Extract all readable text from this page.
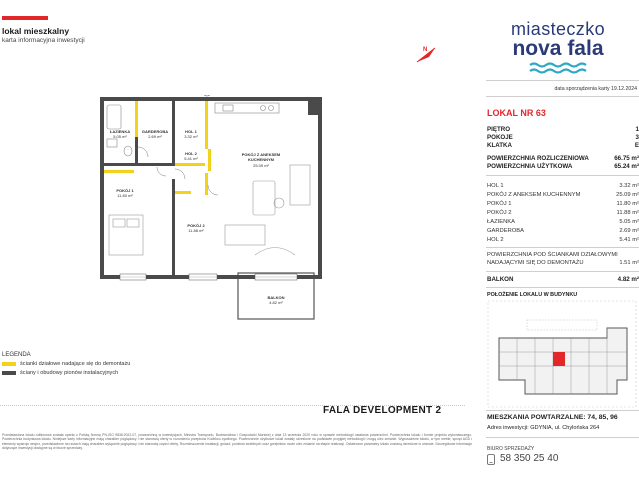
lokal mieszkalny
karta informacyjna inwestycji
N
miasteczko
nova fala
data sporządzenia karty 19.12.2024
LOKAL NR 63
PIĘTRO	1
POKOJE	3
KLATKA	E
POWIERZCHNIA ROZLICZENIOWA	66.75 m²
POWIERZCHNIA UŻYTKOWA	65.24 m²
HOL 1	3.32 m²
POKÓJ Z ANEKSEM KUCHENNYM	25.09 m²
POKÓJ 1	11.80 m²
POKÓJ 2	11.88 m²
ŁAZIENKA	5.05 m²
GARDEROBA	2.69 m²
HOL 2	5.41 m²
POWIERZCHNIA POD ŚCIANKAMI DZIAŁOWYMI
NADAJĄCYMI SIĘ DO DEMONTAŻU	1.51 m²
BALKON	4.82 m²
POŁOŻENIE LOKALU W BUDYNKU
MIESZKANIA POWTARZALNE: 74, 85, 96
Adres inwestycji: GDYNIA, ul. Chylońska 264
BIURO SPRZEDAŻY
58 350 25 40
ŁAZIENKA
5.05 m²
GARDEROBA
2.69 m²
HOL 1
3.32 m²
HOL 2
5.41 m²
POKÓJ Z ANEKSEM
KUCHENNYM
25.09 m²
POKÓJ 1
11.80 m²
POKÓJ 2
11.88 m²
BALKON
4.82 m²
LEGENDA
ścianki działowe nadające się do demontażu
ściany i obudowy pionów instalacyjnych
FALA DEVELOPMENT 2
Przedstawiona lokalu odbiorowa została oparta o Polską Normę PN-ISO 9836:2022-07, powszechną w inwestycjach, Ministra Transportu, Budownictwa i Gospodarki Morskiej z dnia 13 września 2020 roku w sprawie metodologii ustalania powierzchni. Powierzchnia lokalu i formie projektu wykonawczego. Powierzchnia budynkowa lokalu. Niniejsze karty informacyjne mają charakter poglądowy i nie stanowią oferty w rozumieniu przepisów Kodeksu cywilnego. Powierzchnie użytkowe lokali zostały określone na podstawie przyjętej metodologii i mogą ulec zmianie. Wyposażenie lokalu, w tym meble, sprzęt AGD i elementy wystroju wnętrz, przedstawione na rzutach mają charakter wyłącznie poglądowy i nie stanowią części oferty. Rozmieszczenie instalacji, gniazd, punktów świetlnych oraz grzejników może ulec zmianie na etapie realizacji. Ostateczne parametry lokalu zostaną określone w umowie. Szczegółowe informacje dotyczące inwestycji dostępne są w biurze sprzedaży.
